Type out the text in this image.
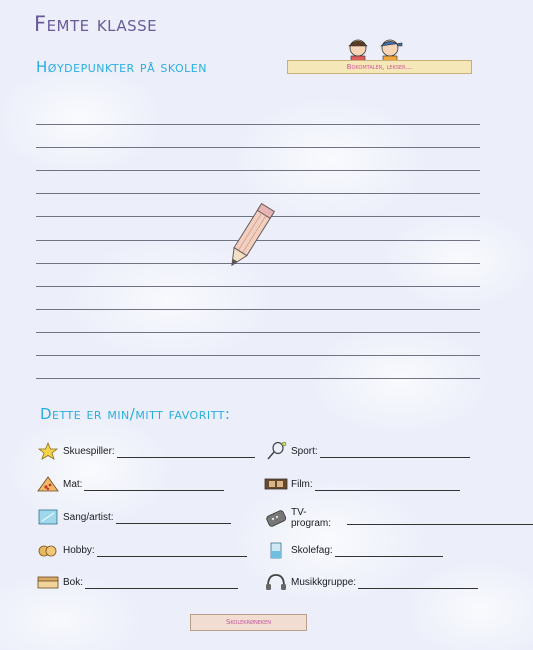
Femte klasse
Høydepunkter på skolen	Bokomtaler, lekser...
Dette er min/mitt favoritt:
Skuespiller:
Mat:
Sang/artist:
Hobby:
Bok:
Sport:
Film:
TV-program:
Skolefag:
Musikkgruppe:
Skolekrøneken
